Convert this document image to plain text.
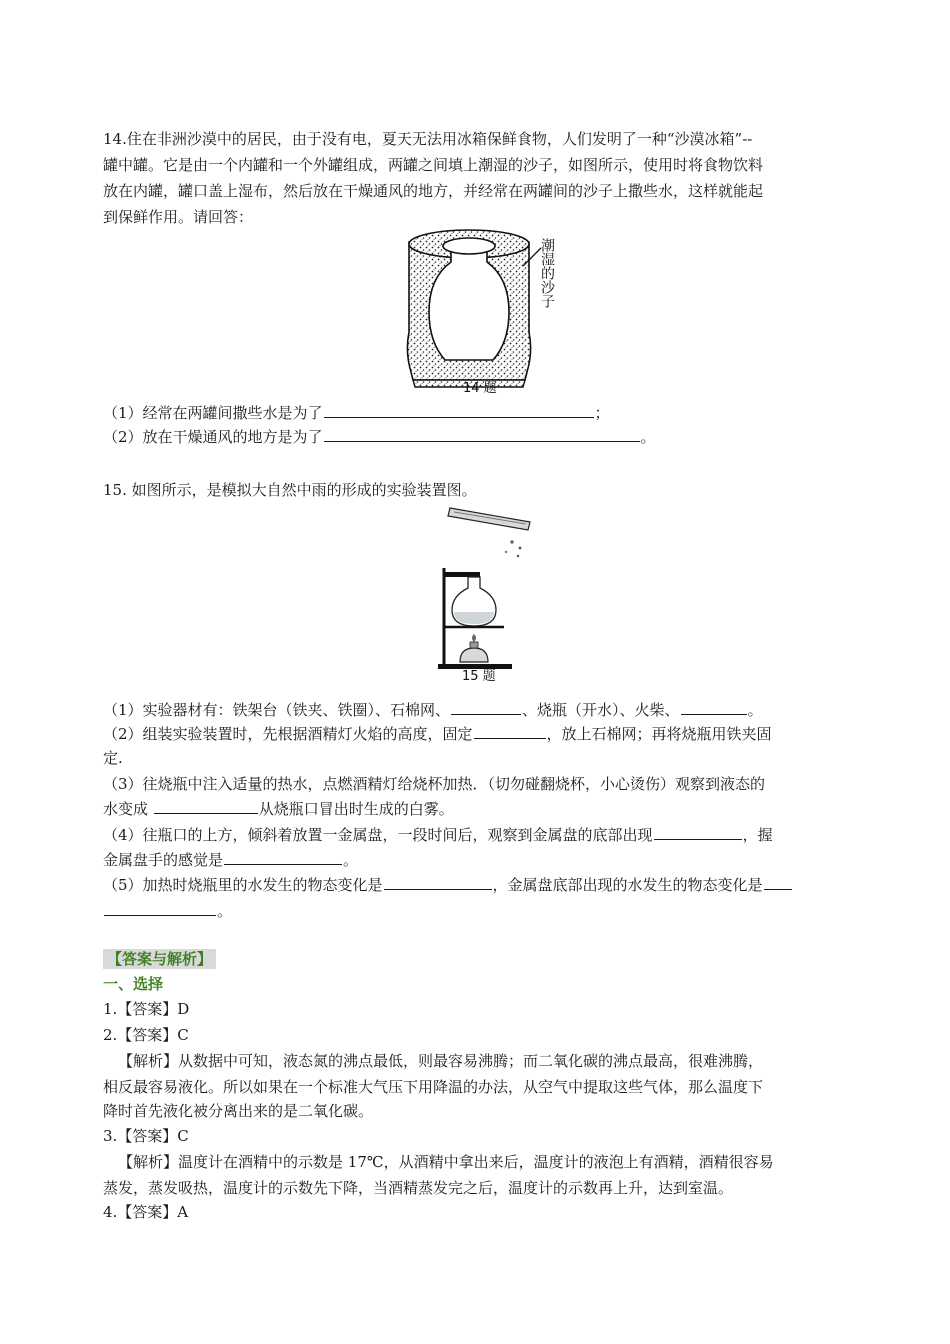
14.住在非洲沙漠中的居民，由于没有电，夏天无法用冰箱保鲜食物，人们发明了一种“沙漠冰箱”--
罐中罐。它是由一个内罐和一个外罐组成，两罐之间填上潮湿的沙子，如图所示，使用时将食物饮料
放在内罐，罐口盖上湿布，然后放在干燥通风的地方，并经常在两罐间的沙子上撒些水，这样就能起
到保鲜作用。请回答：
潮湿的沙子
14 题
（1）经常在两罐间撒些水是为了	；
（2）放在干燥通风的地方是为了	。
15. 如图所示，是模拟大自然中雨的形成的实验装置图。
15 题
（1）实验器材有：铁架台（铁夹、铁圈）、石棉网、	、烧瓶（开水）、火柴、	。
（2）组装实验装置时，先根据酒精灯火焰的高度，固定	，放上石棉网；再将烧瓶用铁夹固
定.
（3）往烧瓶中注入适量的热水，点燃酒精灯给烧杯加热．（切勿碰翻烧杯，小心烫伤）观察到液态的
水变成	从烧瓶口冒出时生成的白雾。
（4）往瓶口的上方，倾斜着放置一金属盘，一段时间后，观察到金属盘的底部出现	，握
金属盘手的感觉是	。
（5）加热时烧瓶里的水发生的物态变化是	，金属盘底部出现的水发生的物态变化是
。
【答案与解析】
一、选择
1.【答案】D
2.【答案】C
【解析】从数据中可知，液态氮的沸点最低，则最容易沸腾；而二氧化碳的沸点最高，很难沸腾，
相反最容易液化。所以如果在一个标准大气压下用降温的办法，从空气中提取这些气体，那么温度下
降时首先液化被分离出来的是二氧化碳。
3.【答案】C
【解析】温度计在酒精中的示数是 17℃，从酒精中拿出来后，温度计的液泡上有酒精，酒精很容易
蒸发，蒸发吸热，温度计的示数先下降，当酒精蒸发完之后，温度计的示数再上升，达到室温。
4.【答案】A
